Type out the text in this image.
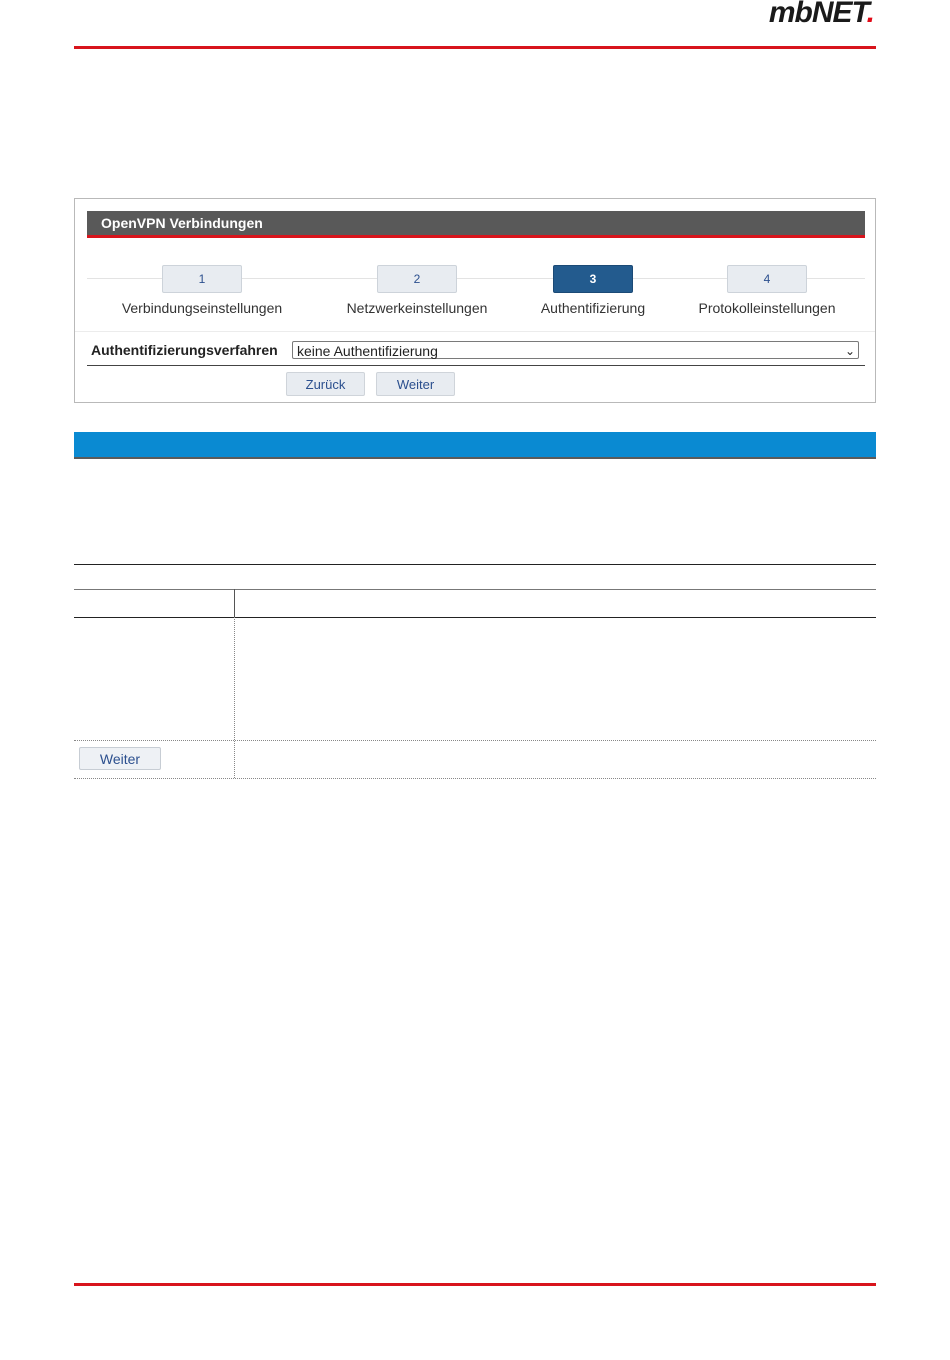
mbNET.
OpenVPN Verbindungen
1
Verbindungseinstellungen
2
Netzwerkeinstellungen
3
Authentifizierung
4
Protokolleinstellungen
Authentifizierungsverfahren	keine Authentifizierung	⌄
Zurück	Weiter
Weiter
